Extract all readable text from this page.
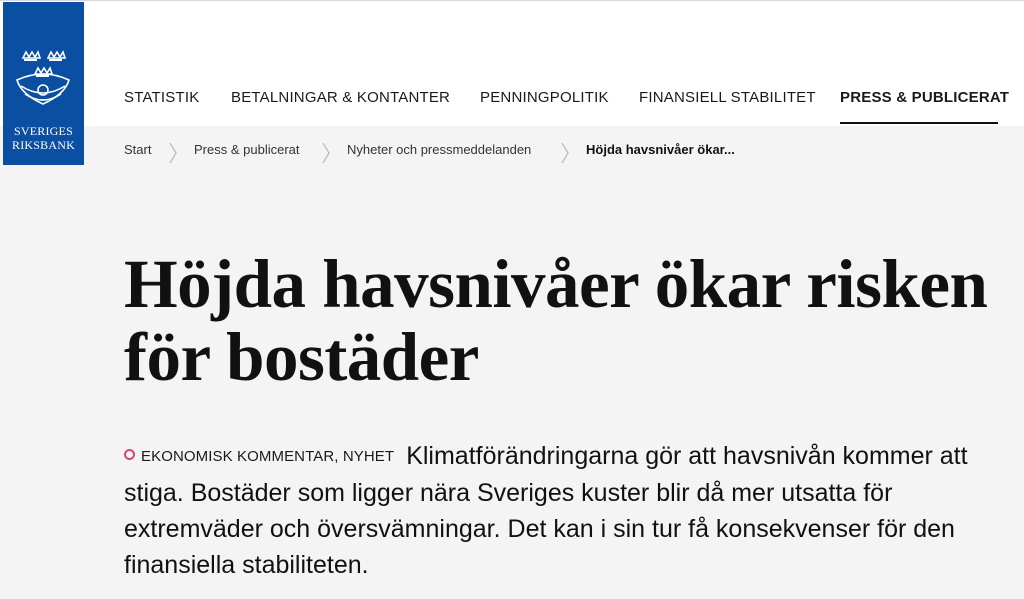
SVERIGES
RIKSBANK
STATISTIK BETALNINGAR & KONTANTER PENNINGPOLITIK FINANSIELL STABILITET PRESS & PUBLICERAT
Start	Press & publicerat	Nyheter och pressmeddelanden	Höjda havsnivåer ökar...
Höjda havsnivåer ökar risken för bostäder

EKONOMISK KOMMENTAR, NYHET Klimatförändringarna gör att havsnivån kommer att stiga. Bostäder som ligger nära Sveriges kuster blir då mer utsatta för extremväder och översvämningar. Det kan i sin tur få konsekvenser för den finansiella stabiliteten.
